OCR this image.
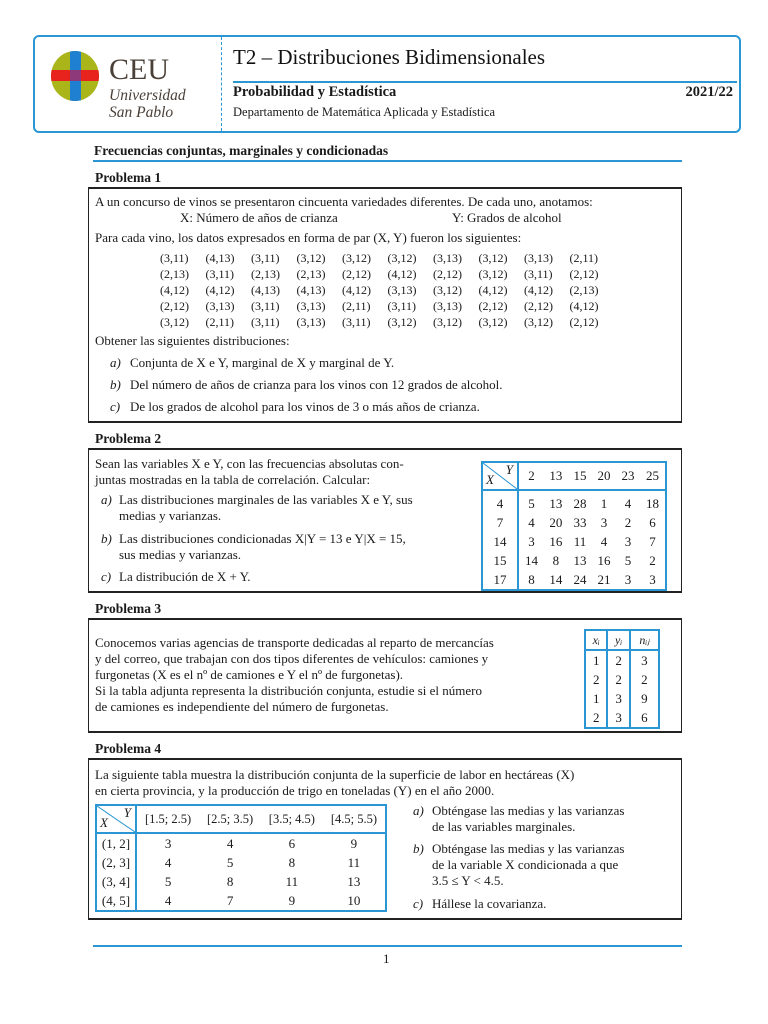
CEU
Universidad
San Pablo
T2 – Distribuciones Bidimensionales
Probabilidad y Estadística	2021/22
Departamento de Matemática Aplicada y Estadística
Frecuencias conjuntas, marginales y condicionadas
Problema 1
A un concurso de vinos se presentaron cincuenta variedades diferentes. De cada uno, anotamos:
X: Número de años de crianza	Y: Grados de alcohol
Para cada vino, los datos expresados en forma de par (X, Y) fueron los siguientes:
(3,11)	(4,13)	(3,11)	(3,12)	(3,12)	(3,12)	(3,13)	(3,12)	(3,13)	(2,11)
(2,13)	(3,11)	(2,13)	(2,13)	(2,12)	(4,12)	(2,12)	(3,12)	(3,11)	(2,12)
(4,12)	(4,12)	(4,13)	(4,13)	(4,12)	(3,13)	(3,12)	(4,12)	(4,12)	(2,13)
(2,12)	(3,13)	(3,11)	(3,13)	(2,11)	(3,11)	(3,13)	(2,12)	(2,12)	(4,12)
(3,12)	(2,11)	(3,11)	(3,13)	(3,11)	(3,12)	(3,12)	(3,12)	(3,12)	(2,12)
Obtener las siguientes distribuciones:
a) Conjunta de X e Y, marginal de X y marginal de Y.
b) Del número de años de crianza para los vinos con 12 grados de alcohol.
c) De los grados de alcohol para los vinos de 3 o más años de crianza.
Problema 2
Sean las variables X e Y, con las frecuencias absolutas con-
juntas mostradas en la tabla de correlación. Calcular:
a) Las distribuciones marginales de las variables X e Y, sus
medias y varianzas.
b) Las distribuciones condicionadas X|Y = 13 e Y|X = 15,
sus medias y varianzas.
c) La distribución de X + Y.
X
Y	2	13	15	20	23	25
4	5	13	28	1	4	18
7	4	20	33	3	2	6
14	3	16	11	4	3	7
15	14	8	13	16	5	2
17	8	14	24	21	3	3
Problema 3
Conocemos varias agencias de transporte dedicadas al reparto de mercancías
y del correo, que trabajan con dos tipos diferentes de vehículos: camiones y
furgonetas (X es el nº de camiones e Y el nº de furgonetas).
Si la tabla adjunta representa la distribución conjunta, estudie si el número
de camiones es independiente del número de furgonetas.
xᵢ	yᵢ	nᵢⱼ
1	2	3
2	2	2
1	3	9
2	3	6
Problema 4
La siguiente tabla muestra la distribución conjunta de la superficie de labor en hectáreas (X)
en cierta provincia, y la producción de trigo en toneladas (Y) en el año 2000.
X
Y	[1.5; 2.5)	[2.5; 3.5)	[3.5; 4.5)	[4.5; 5.5)
(1, 2]	3	4	6	9
(2, 3]	4	5	8	11
(3, 4]	5	8	11	13
(4, 5]	4	7	9	10
a) Obténgase las medias y las varianzas
de las variables marginales.
b) Obténgase las medias y las varianzas
de la variable X condicionada a que
3.5 ≤ Y < 4.5.
c) Hállese la covarianza.
1
